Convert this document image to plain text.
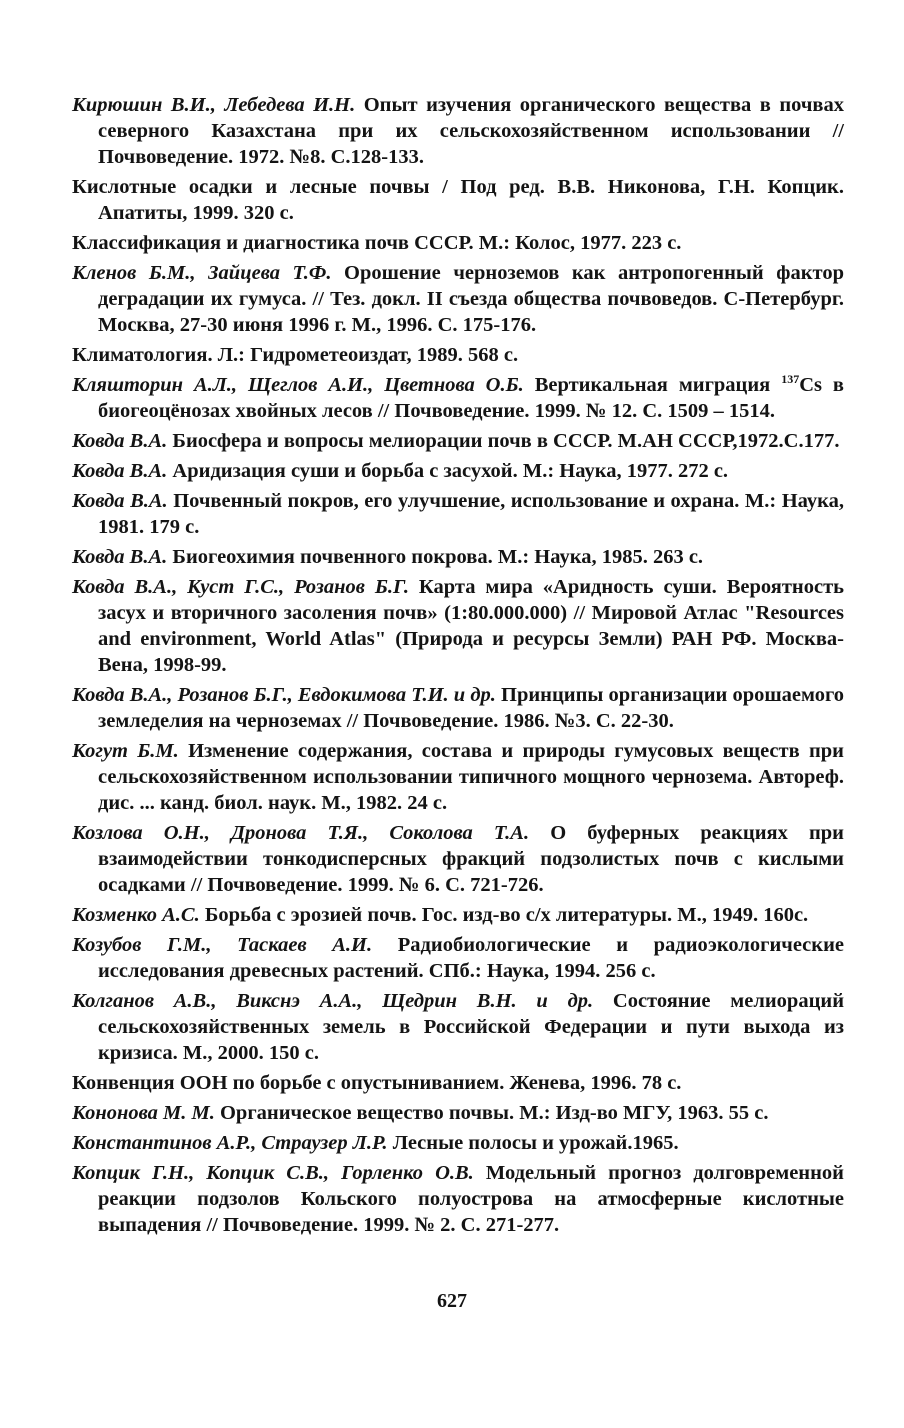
Кирюшин В.И., Лебедева И.Н. Опыт изучения органического вещества в почвах северного Казахстана при их сельскохозяйственном использовании // Почвоведение. 1972. №8. С.128-133.

Кислотные осадки и лесные почвы / Под ред. В.В. Никонова, Г.Н. Копцик. Апатиты, 1999. 320 с.

Классификация и диагностика почв СССР. М.: Колос, 1977. 223 с.

Кленов Б.М., Зайцева Т.Ф. Орошение черноземов как антропогенный фактор деградации их гумуса. // Тез. докл. II съезда общества почвоведов. С-Петербург. Москва, 27-30 июня 1996 г. М., 1996. С. 175-176.

Климатология. Л.: Гидрометеоиздат, 1989. 568 с.

Кляшторин А.Л., Щеглов А.И., Цветнова О.Б. Вертикальная миграция $^{137}$Cs в биогеоцёнозах хвойных лесов // Почвоведение. 1999. № 12. С. 1509 – 1514.

Ковда В.А. Биосфера и вопросы мелиорации почв в СССР. М.АН СССР,1972.С.177.

Ковда В.А. Аридизация суши и борьба с засухой. М.: Наука, 1977. 272 с.

Ковда В.А. Почвенный покров, его улучшение, использование и охрана. М.: Наука, 1981. 179 с.

Ковда В.А. Биогеохимия почвенного покрова. М.: Наука, 1985. 263 с.

Ковда В.А., Куст Г.С., Розанов Б.Г. Карта мира «Аридность суши. Вероятность засух и вторичного засоления почв» (1:80.000.000) // Мировой Атлас "Resources and environment, World Atlas" (Природа и ресурсы Земли) РАН РФ. Москва-Вена, 1998-99.

Ковда В.А., Розанов Б.Г., Евдокимова Т.И. и др. Принципы организации орошаемого земледелия на черноземах // Почвоведение. 1986. №3. С. 22-30.

Когут Б.М. Изменение содержания, состава и природы гумусовых веществ при сельскохозяйственном использовании типичного мощного чернозема. Автореф. дис. ... канд. биол. наук. М., 1982. 24 с.

Козлова О.Н., Дронова Т.Я., Соколова Т.А. О буферных реакциях при взаимодействии тонкодисперсных фракций подзолистых почв с кислыми осадками // Почвоведение. 1999. № 6. С. 721-726.

Козменко А.С. Борьба с эрозией почв. Гос. изд-во с/х литературы. М., 1949. 160с.

Козубов Г.М., Таскаев А.И. Радиобиологические и радиоэкологические исследования древесных растений. СПб.: Наука, 1994. 256 с.

Колганов А.В., Викснэ А.А., Щедрин В.Н. и др. Состояние мелиораций сельскохозяйственных земель в Российской Федерации и пути выхода из кризиса. М., 2000. 150 с.

Конвенция ООН по борьбе с опустыниванием. Женева, 1996. 78 с.

Кононова М. М. Органическое вещество почвы. М.: Изд-во МГУ, 1963. 55 с.

Константинов А.Р., Страузер Л.Р. Лесные полосы и урожай.1965.

Копцик Г.Н., Копцик С.В., Горленко О.В. Модельный прогноз долговременной реакции подзолов Кольского полуострова на атмосферные кислотные выпадения // Почвоведение. 1999. № 2. С. 271-277.

627
